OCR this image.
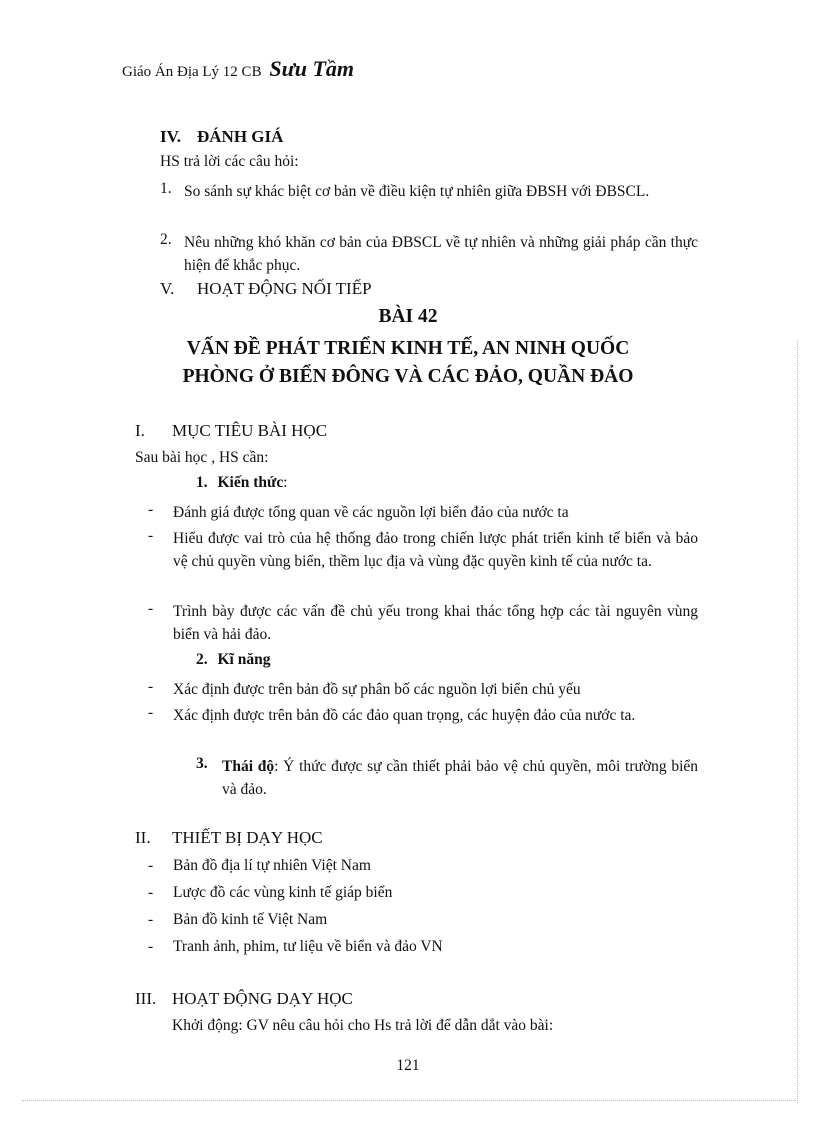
Giáo Án Địa Lý 12 CB Sưu Tầm
IV. ĐÁNH GIÁ
HS trả lời các câu hỏi:
1. So sánh sự khác biệt cơ bản về điều kiện tự nhiên giữa ĐBSH với ĐBSCL.
2. Nêu những khó khăn cơ bản của ĐBSCL về tự nhiên và những giải pháp cần thực hiện để khắc phục.
V. HOẠT ĐỘNG NỐI TIẾP
BÀI 42
VẤN ĐỀ PHÁT TRIỂN KINH TẾ, AN NINH QUỐC
PHÒNG Ở BIỂN ĐÔNG VÀ CÁC ĐẢO, QUẦN ĐẢO
I. MỤC TIÊU BÀI HỌC
Sau bài học , HS cần:
1. Kiến thức:
- Đánh giá được tổng quan về các nguồn lợi biển đảo của nước ta
- Hiểu được vai trò của hệ thống đảo trong chiến lược phát triển kinh tế biển và bảo vệ chủ quyền vùng biển, thềm lục địa và vùng đặc quyền kinh tế của nước ta.
- Trình bày được các vấn đề chủ yếu trong khai thác tổng hợp các tài nguyên vùng biển và hải đảo.
2. Kĩ năng
- Xác định được trên bản đồ sự phân bố các nguồn lợi biển chủ yếu
- Xác định được trên bản đồ các đảo quan trọng, các huyện đảo của nước ta.
3. Thái độ: Ý thức được sự cần thiết phải bảo vệ chủ quyền, môi trường biển và đảo.
II. THIẾT BỊ DẠY HỌC
- Bản đồ địa lí tự nhiên Việt Nam
- Lược đồ các vùng kinh tế giáp biển
- Bản đồ kinh tế Việt Nam
- Tranh ảnh, phim, tư liệu về biển và đảo VN
III. HOẠT ĐỘNG DẠY HỌC
Khởi động: GV nêu câu hỏi cho Hs trả lời để dẫn dắt vào bài:
121
